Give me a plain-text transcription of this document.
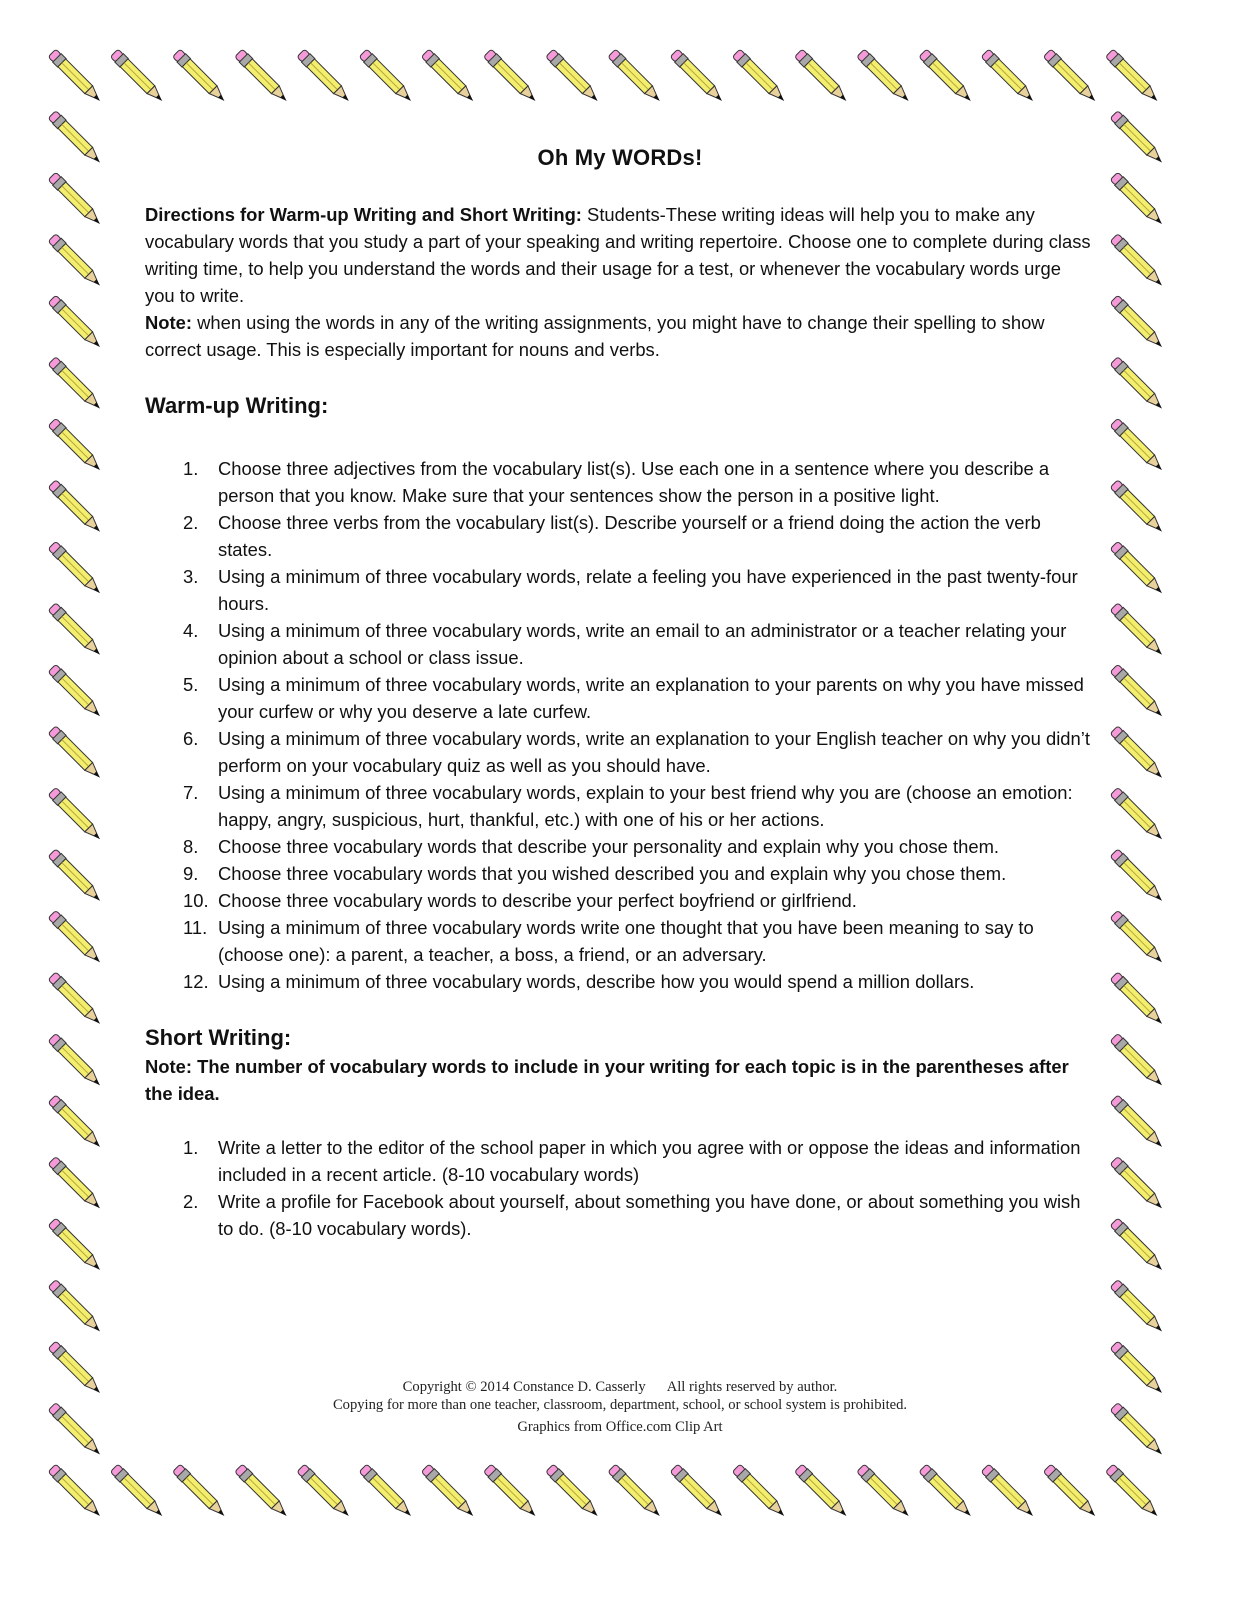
Oh My WORDs!

Directions for Warm-up Writing and Short Writing: Students-These writing ideas will help you to make any vocabulary words that you study a part of your speaking and writing repertoire. Choose one to complete during class writing time, to help you understand the words and their usage for a test, or whenever the vocabulary words urge you to write.
Note: when using the words in any of the writing assignments, you might have to change their spelling to show correct usage. This is especially important for nouns and verbs.

Warm-up Writing:
1.	Choose three adjectives from the vocabulary list(s). Use each one in a sentence where you describe a person that you know. Make sure that your sentences show the person in a positive light.
2.	Choose three verbs from the vocabulary list(s). Describe yourself or a friend doing the action the verb states.
3.	Using a minimum of three vocabulary words, relate a feeling you have experienced in the past twenty-four hours.
4.	Using a minimum of three vocabulary words, write an email to an administrator or a teacher relating your opinion about a school or class issue.
5.	Using a minimum of three vocabulary words, write an explanation to your parents on why you have missed your curfew or why you deserve a late curfew.
6.	Using a minimum of three vocabulary words, write an explanation to your English teacher on why you didn’t perform on your vocabulary quiz as well as you should have.
7.	Using a minimum of three vocabulary words, explain to your best friend why you are (choose an emotion: happy, angry, suspicious, hurt, thankful, etc.) with one of his or her actions.
8.	Choose three vocabulary words that describe your personality and explain why you chose them.
9.	Choose three vocabulary words that you wished described you and explain why you chose them.
10. Choose three vocabulary words to describe your perfect boyfriend or girlfriend.
11. Using a minimum of three vocabulary words write one thought that you have been meaning to say to (choose one): a parent, a teacher, a boss, a friend, or an adversary.
12. Using a minimum of three vocabulary words, describe how you would spend a million dollars.
Short Writing:

Note: The number of vocabulary words to include in your writing for each topic is in the parentheses after the idea.

1.	Write a letter to the editor of the school paper in which you agree with or oppose the ideas and information included in a recent article. (8-10 vocabulary words)
2.	Write a profile for Facebook about yourself, about something you have done, or about something you wish to do. (8-10 vocabulary words).
Copyright © 2014 Constance D. Casserly      All rights reserved by author.
Copying for more than one teacher, classroom, department, school, or school system is prohibited.
Graphics from Office.com Clip Art
